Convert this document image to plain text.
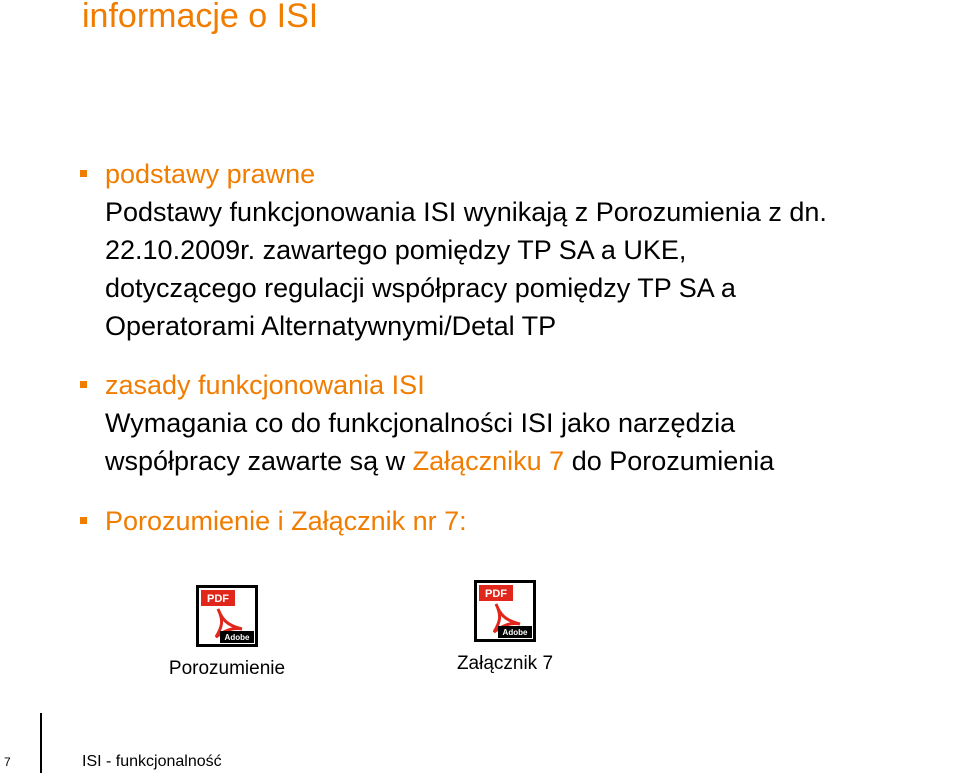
informacje o ISI
podstawy prawne
Podstawy funkcjonowania ISI wynikają z Porozumienia z dn.
22.10.2009r. zawartego pomiędzy TP SA a UKE,
dotyczącego regulacji współpracy pomiędzy TP SA a
Operatorami Alternatywnymi/Detal TP
zasady funkcjonowania ISI
Wymagania co do funkcjonalności ISI jako narzędzia
współpracy zawarte są w Załączniku 7 do Porozumienia
Porozumienie i Załącznik nr 7:
PDF
Adobe
Porozumienie
PDF
Adobe
Załącznik 7
7	ISI - funkcjonalność
